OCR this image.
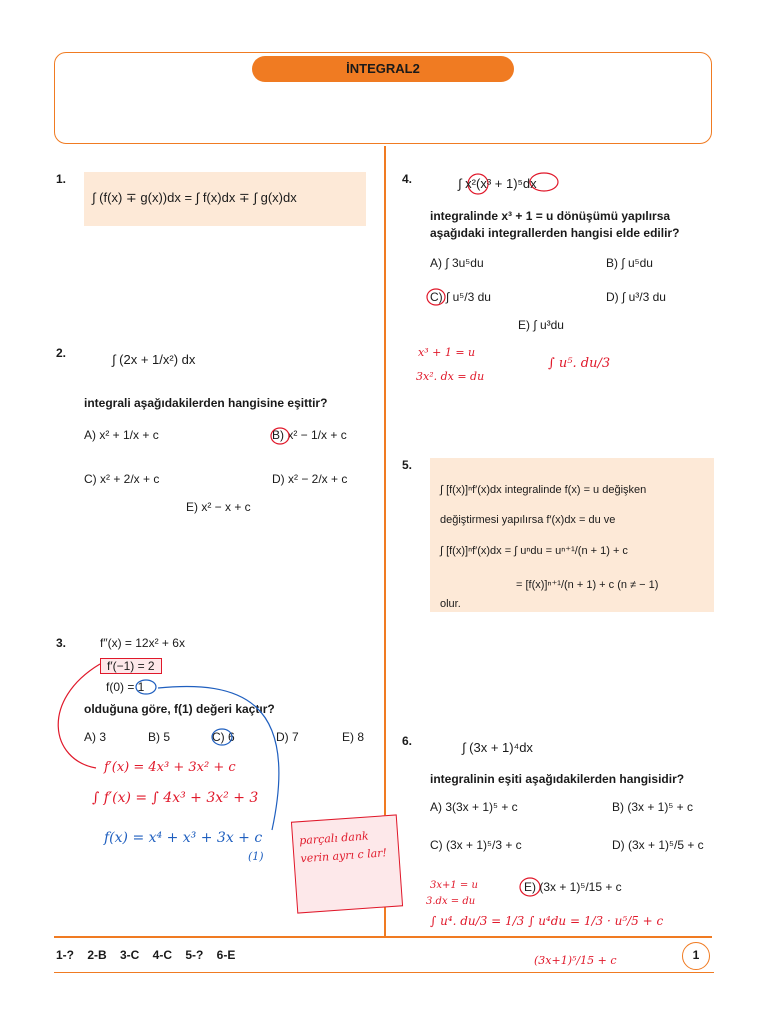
İNTEGRAL2
1.
∫ (f(x) ∓ g(x))dx = ∫ f(x)dx ∓ ∫ g(x)dx
2.	∫ (2x + 1/x²) dx
integrali aşağıdakilerden hangisine eşittir?
A) x² + 1/x + c	B) x² − 1/x + c
C) x² + 2/x + c	D) x² − 2/x + c
E) x² − x + c
3.	f″(x) = 12x² + 6x
f′(−1) = 2
f(0) = 1
olduğuna göre, f(1) değeri kaçtır?
A) 3	B) 5	C) 6	D) 7	E) 8
f′(x) = 4x³ + 3x² + c
∫ f′(x) = ∫ 4x³ + 3x² + 3
f(x) = x⁴ + x³ + 3x + c
(1)
parçalı dank verin ayrı c lar!
4.	∫ x²(x³ + 1)⁵dx
integralinde x³ + 1 = u dönüşümü yapılırsa aşağıdaki integrallerden hangisi elde edilir?
A) ∫ 3u⁵du	B) ∫ u⁵du
C) ∫ u⁵/3 du	D) ∫ u³/3 du
E) ∫ u³du
x³ + 1 = u
3x². dx = du
∫ u⁵. du/3
5.
∫ [f(x)]ⁿf′(x)dx integralinde f(x) = u değişken
değiştirmesi yapılırsa f′(x)dx = du ve
∫ [f(x)]ⁿf′(x)dx = ∫ uⁿdu = uⁿ⁺¹/(n + 1) + c
= [f(x)]ⁿ⁺¹/(n + 1) + c (n ≠ − 1)
olur.
6.	∫ (3x + 1)⁴dx
integralinin eşiti aşağıdakilerden hangisidir?
A) 3(3x + 1)⁵ + c	B) (3x + 1)⁵ + c
C) (3x + 1)⁵/3 + c	D) (3x + 1)⁵/5 + c
E) (3x + 1)⁵/15 + c
3x+1 = u
3.dx = du
∫ u⁴. du/3 = 1/3 ∫ u⁴du = 1/3 · u⁵/5 + c
(3x+1)⁵/15 + c
1-? 2-B 3-C 4-C 5-? 6-E	1
